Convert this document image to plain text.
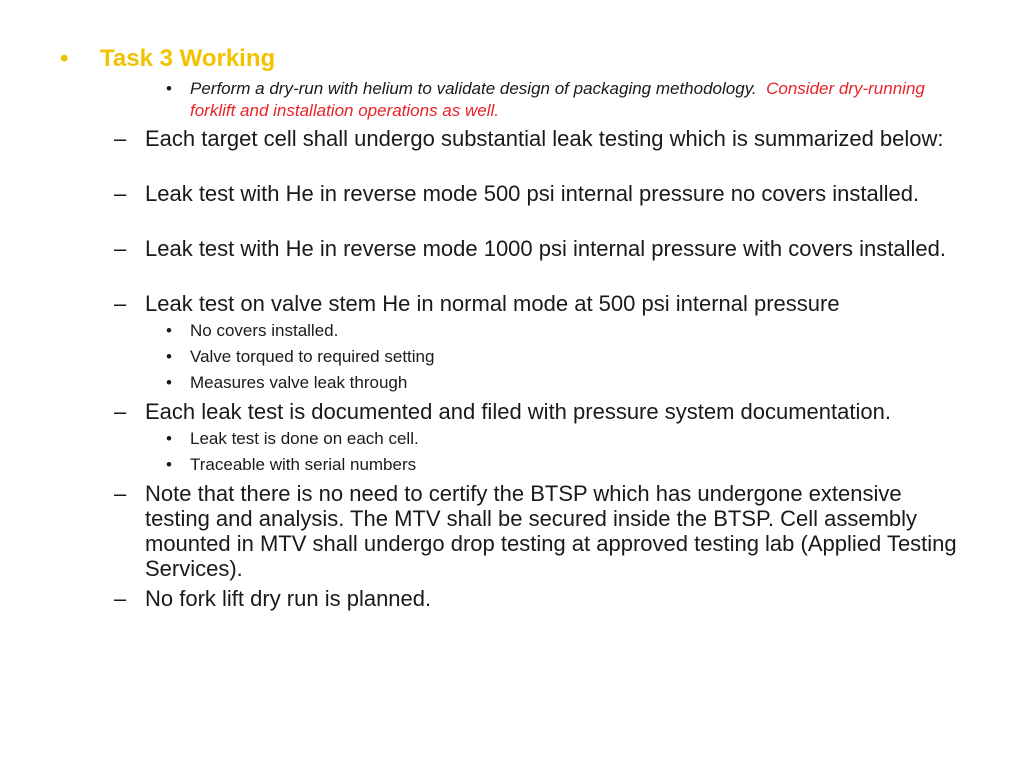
• Task 3 Working
• Perform a dry-run with helium to validate design of packaging methodology. Consider dry-running forklift and installation operations as well.
– Each target cell shall undergo substantial leak testing which is summarized below:
– Leak test with He in reverse mode 500 psi internal pressure no covers installed.
– Leak test with He in reverse mode 1000 psi internal pressure with covers installed.
– Leak test on valve stem He in normal mode at 500 psi internal pressure
• No covers installed.
• Valve torqued to required setting
• Measures valve leak through
– Each leak test is documented and filed with pressure system documentation.
• Leak test is done on each cell.
• Traceable with serial numbers
– Note that there is no need to certify the BTSP which has undergone extensive testing and analysis. The MTV shall be secured inside the BTSP. Cell assembly mounted in MTV shall undergo drop testing at approved testing lab (Applied Testing Services).
– No fork lift dry run is planned.
